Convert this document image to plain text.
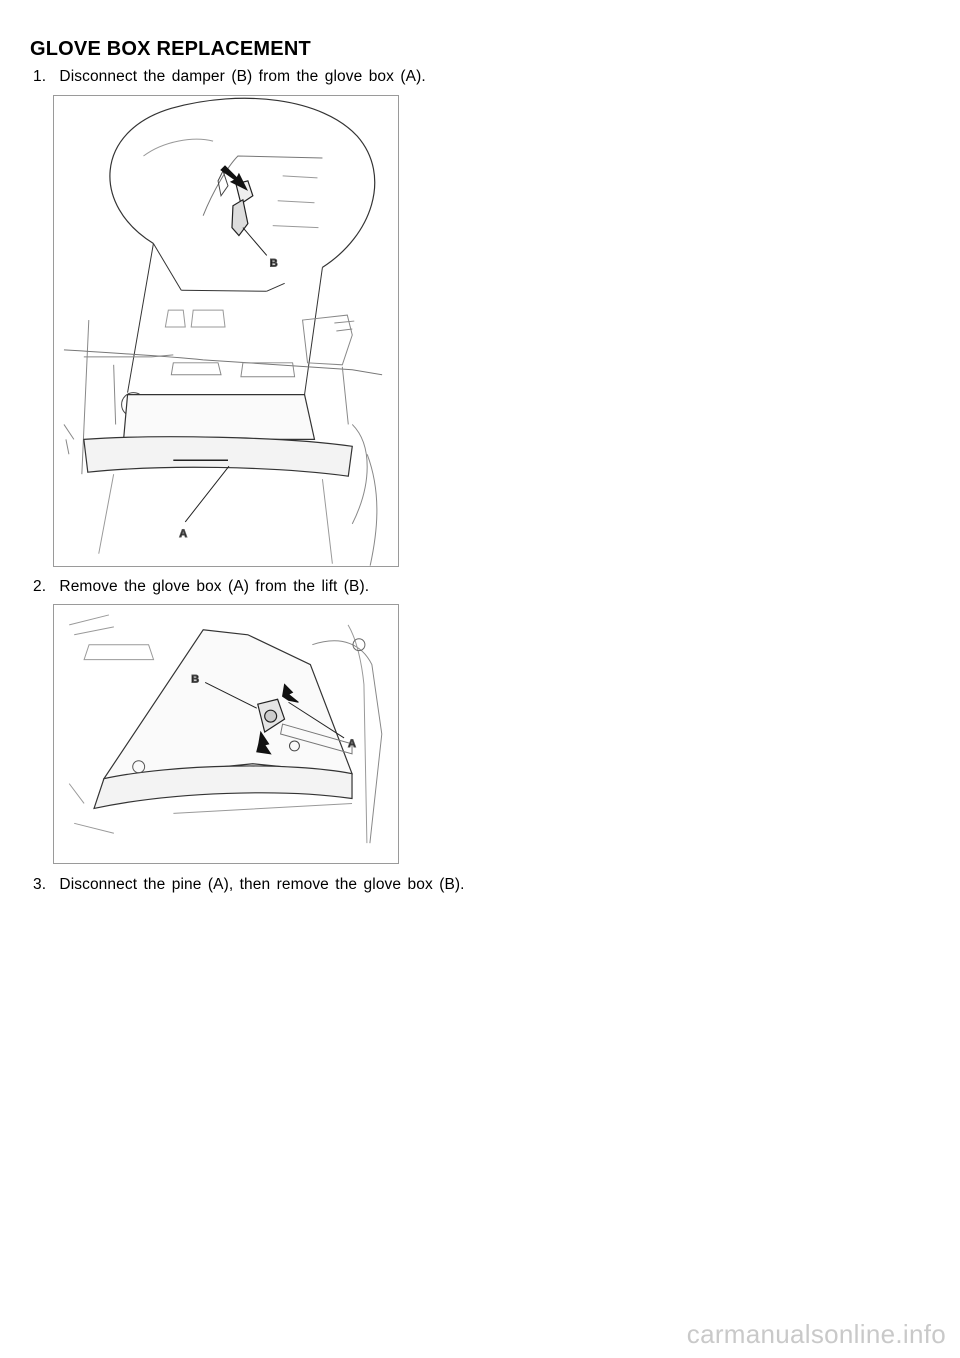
GLOVE BOX REPLACEMENT
1. Disconnect the damper (B) from the glove box (A).
B
A
2. Remove the glove box (A) from the lift (B).
B
A
3. Disconnect the pine (A), then remove the glove box (B).
carmanualsonline.info
